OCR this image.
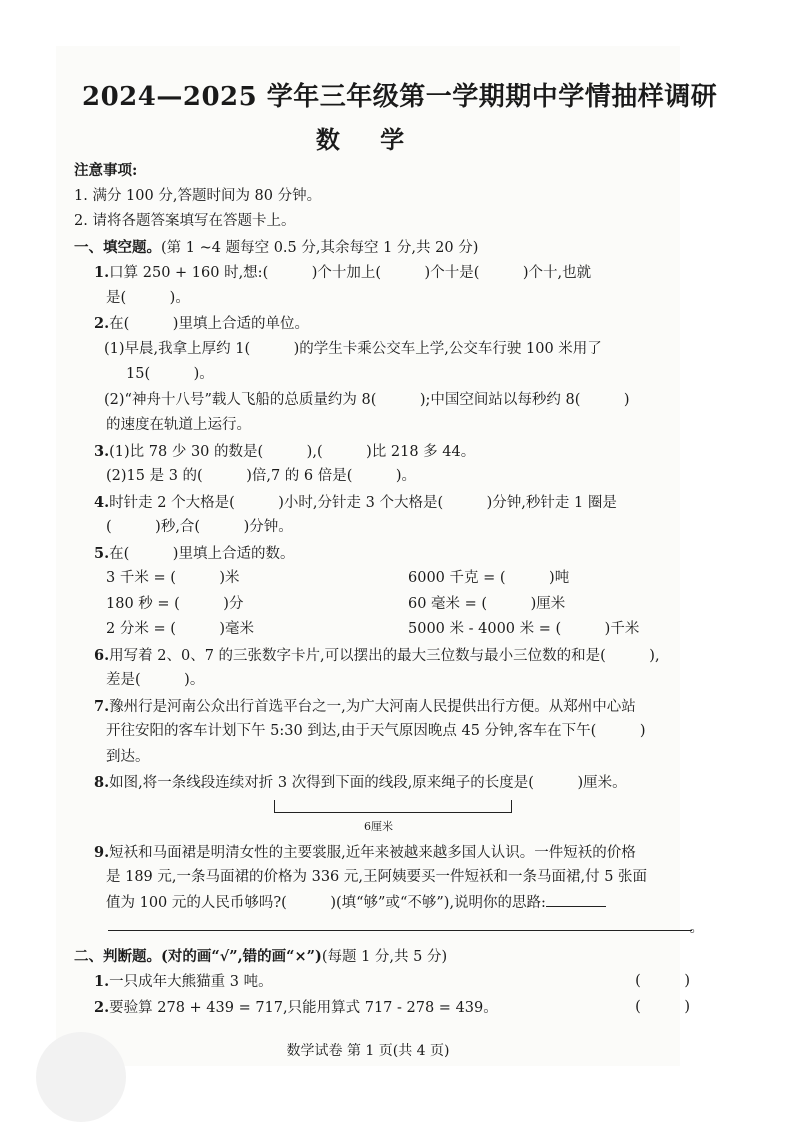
2024—2025 学年三年级第一学期期中学情抽样调研
数 学
注意事项:
1. 满分 100 分,答题时间为 80 分钟。
2. 请将各题答案填写在答题卡上。
一、填空题。(第 1 ~4 题每空 0.5 分,其余每空 1 分,共 20 分)
1.口算 250 + 160 时,想:(　　　)个十加上(　　　)个十是(　　　)个十,也就
是(　　　)。
2.在(　　　)里填上合适的单位。
(1)早晨,我拿上厚约 1(　　　)的学生卡乘公交车上学,公交车行驶 100 米用了
15(　　　)。
(2)“神舟十八号”载人飞船的总质量约为 8(　　　);中国空间站以每秒约 8(　　　)
的速度在轨道上运行。
3.(1)比 78 少 30 的数是(　　　),(　　　)比 218 多 44。
(2)15 是 3 的(　　　)倍,7 的 6 倍是(　　　)。
4.时针走 2 个大格是(　　　)小时,分针走 3 个大格是(　　　)分钟,秒针走 1 圈是
(　　　)秒,合(　　　)分钟。
5.在(　　　)里填上合适的数。
3 千米 = (　　　)米	6000 千克 = (　　　)吨
180 秒 = (　　　)分	60 毫米 = (　　　)厘米
2 分米 = (　　　)毫米	5000 米 - 4000 米 = (　　　)千米
6.用写着 2、0、7 的三张数字卡片,可以摆出的最大三位数与最小三位数的和是(　　　),
差是(　　　)。
7.豫州行是河南公众出行首选平台之一,为广大河南人民提供出行方便。从郑州中心站
开往安阳的客车计划下午 5:30 到达,由于天气原因晚点 45 分钟,客车在下午(　　　)
到达。
8.如图,将一条线段连续对折 3 次得到下面的线段,原来绳子的长度是(　　　)厘米。
6厘米
9.短袄和马面裙是明清女性的主要裳服,近年来被越来越多国人认识。一件短袄的价格
是 189 元,一条马面裙的价格为 336 元,王阿姨要买一件短袄和一条马面裙,付 5 张面
值为 100 元的人民币够吗?(　　　)(填“够”或“不够”),说明你的思路:
。
二、判断题。(对的画“√”,错的画“×”)(每题 1 分,共 5 分)
1.一只成年大熊猫重 3 吨。	(　　　)
2.要验算 278 + 439 = 717,只能用算式 717 - 278 = 439。	(　　　)
数学试卷 第 1 页(共 4 页)
